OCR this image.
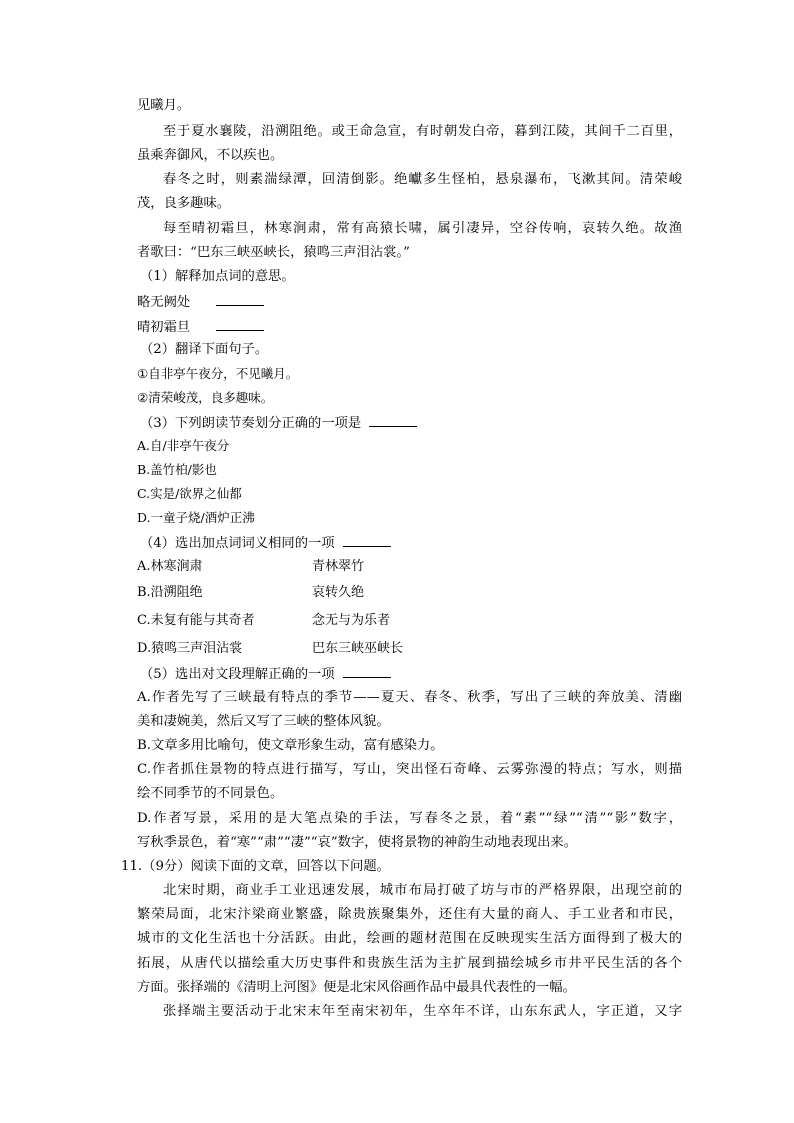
见曦月。
至于夏水襄陵，沿溯阻绝。或王命急宣，有时朝发白帝，暮到江陵，其间千二百里，
虽乘奔御风，不以疾也。
春冬之时，则素湍绿潭，回清倒影。绝巘多生怪柏，悬泉瀑布，飞漱其间。清荣峻
茂，良多趣味。
每至晴初霜旦，林寒涧肃，常有高猿长啸，属引凄异，空谷传响，哀转久绝。故渔
者歌曰：“巴东三峡巫峡长，猿鸣三声泪沾裳。”
（1）解释加点词的意思。
略无阙处
晴初霜旦
（2）翻译下面句子。
①自非亭午夜分，不见曦月。
②清荣峻茂，良多趣味。
（3）下列朗读节奏划分正确的一项是
A.自/非亭午夜分
B.盖竹柏/影也
C.实是/欲界之仙都
D.一童子烧/酒炉正沸
（4）选出加点词词义相同的一项
A.林寒涧肃	青林翠竹
B.沿溯阻绝	哀转久绝
C.未复有能与其奇者	念无与为乐者
D.猿鸣三声泪沾裳	巴东三峡巫峡长
（5）选出对文段理解正确的一项
A.作者先写了三峡最有特点的季节——夏天、春冬、秋季，写出了三峡的奔放美、清幽
美和凄婉美，然后又写了三峡的整体风貌。
B.文章多用比喻句，使文章形象生动，富有感染力。
C.作者抓住景物的特点进行描写，写山，突出怪石奇峰、云雾弥漫的特点；写水，则描
绘不同季节的不同景色。
D.作者写景，采用的是大笔点染的手法，写春冬之景，着“素”“绿”“清”“影”数字，
写秋季景色，着“寒”“肃”“凄”“哀”数字，使将景物的神韵生动地表现出来。
11.（9分）阅读下面的文章，回答以下问题。
北宋时期，商业手工业迅速发展，城市布局打破了坊与市的严格界限，出现空前的
繁荣局面，北宋汴梁商业繁盛，除贵族聚集外，还住有大量的商人、手工业者和市民，
城市的文化生活也十分活跃。由此，绘画的题材范围在反映现实生活方面得到了极大的
拓展，从唐代以描绘重大历史事件和贵族生活为主扩展到描绘城乡市井平民生活的各个
方面。张择端的《清明上河图》便是北宋风俗画作品中最具代表性的一幅。
张择端主要活动于北宋末年至南宋初年，生卒年不详，山东东武人，字正道，又字
